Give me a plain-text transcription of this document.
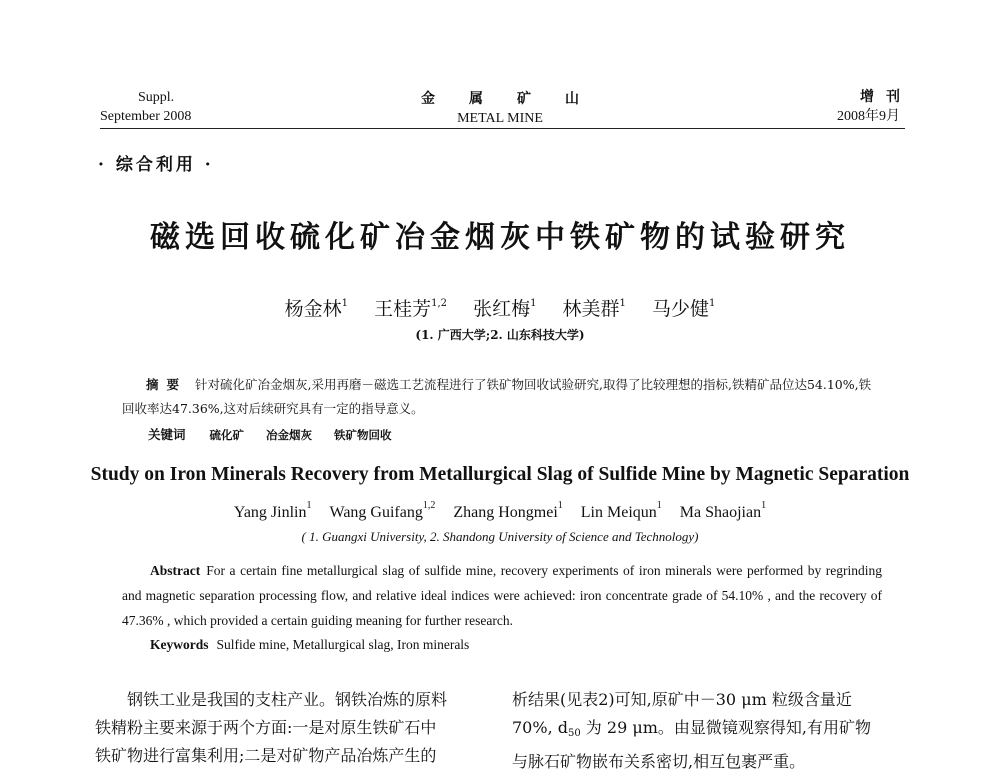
Suppl.
September 2008
金属矿山
METAL MINE
增刊
2008年9月
· 综合利用 ·
磁选回收硫化矿冶金烟灰中铁矿物的试验研究
杨金林$^1$ 王桂芳$^{1,2}$ 张红梅$^1$ 林美群$^1$ 马少健$^1$
(1. 广西大学;2. 山东科技大学)
摘要 针对硫化矿冶金烟灰,采用再磨－磁选工艺流程进行了铁矿物回收试验研究,取得了比较理想的指标,铁精矿品位达54.10%,铁回收率达47.36%,这对后续研究具有一定的指导意义。
关键词 硫化矿 冶金烟灰 铁矿物回收
Study on Iron Minerals Recovery from Metallurgical Slag of Sulfide Mine by Magnetic Separation
Yang Jinlin$^1$ Wang Guifang$^{1,2}$ Zhang Hongmei$^1$ Lin Meiqun$^1$ Ma Shaojian$^1$
( 1. Guangxi University, 2. Shandong University of Science and Technology)
Abstract For a certain fine metallurgical slag of sulfide mine, recovery experiments of iron minerals were performed by regrinding and magnetic separation processing flow, and relative ideal indices were achieved: iron concentrate grade of 54.10% , and the recovery of 47.36% , which provided a certain guiding meaning for further research.
Keywords Sulfide mine, Metallurgical slag, Iron minerals
钢铁工业是我国的支柱产业。钢铁冶炼的原料
铁精粉主要来源于两个方面:一是对原生铁矿石中
铁矿物进行富集利用;二是对矿物产品冶炼产生的
析结果(见表2)可知,原矿中－30 μm 粒级含量近
70%, $d_{50}$ 为 29 μm。由显微镜观察得知,有用矿物
与脉石矿物嵌布关系密切,相互包裹严重。
